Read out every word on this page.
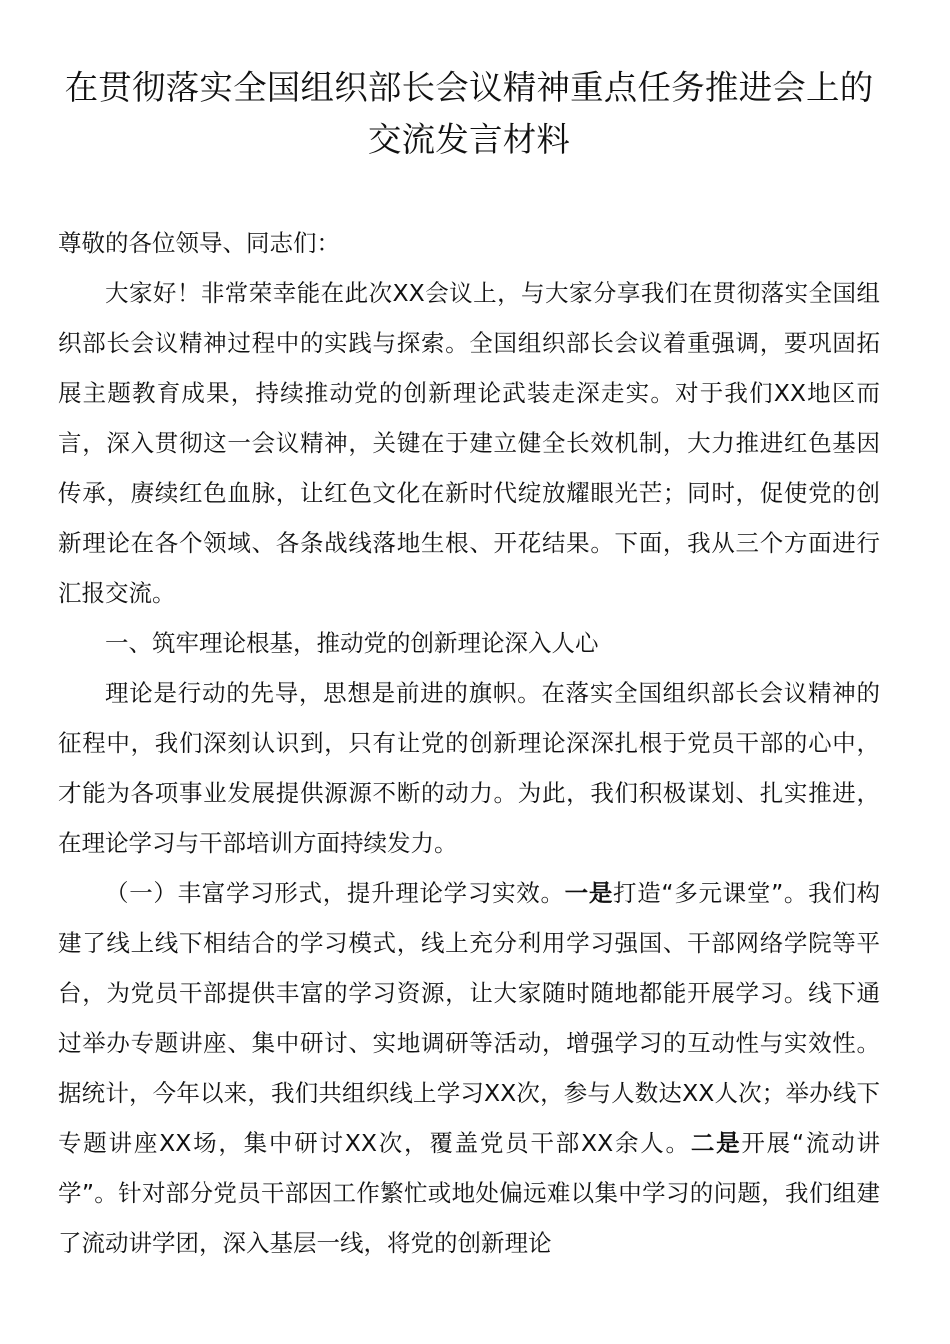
在贯彻落实全国组织部长会议精神重点任务推进会上的交流发言材料

尊敬的各位领导、同志们：

大家好！非常荣幸能在此次XX会议上，与大家分享我们在贯彻落实全国组织部长会议精神过程中的实践与探索。全国组织部长会议着重强调，要巩固拓展主题教育成果，持续推动党的创新理论武装走深走实。对于我们XX地区而言，深入贯彻这一会议精神，关键在于建立健全长效机制，大力推进红色基因传承，赓续红色血脉，让红色文化在新时代绽放耀眼光芒；同时，促使党的创新理论在各个领域、各条战线落地生根、开花结果。下面，我从三个方面进行汇报交流。

一、筑牢理论根基，推动党的创新理论深入人心

理论是行动的先导，思想是前进的旗帜。在落实全国组织部长会议精神的征程中，我们深刻认识到，只有让党的创新理论深深扎根于党员干部的心中，才能为各项事业发展提供源源不断的动力。为此，我们积极谋划、扎实推进，在理论学习与干部培训方面持续发力。

（一）丰富学习形式，提升理论学习实效。一是打造“多元课堂”。我们构建了线上线下相结合的学习模式，线上充分利用学习强国、干部网络学院等平台，为党员干部提供丰富的学习资源，让大家随时随地都能开展学习。线下通过举办专题讲座、集中研讨、实地调研等活动，增强学习的互动性与实效性。据统计，今年以来，我们共组织线上学习XX次，参与人数达XX人次；举办线下专题讲座XX场，集中研讨XX次，覆盖党员干部XX余人。二是开展“流动讲学”。针对部分党员干部因工作繁忙或地处偏远难以集中学习的问题，我们组建了流动讲学团，深入基层一线，将党的创新理论
